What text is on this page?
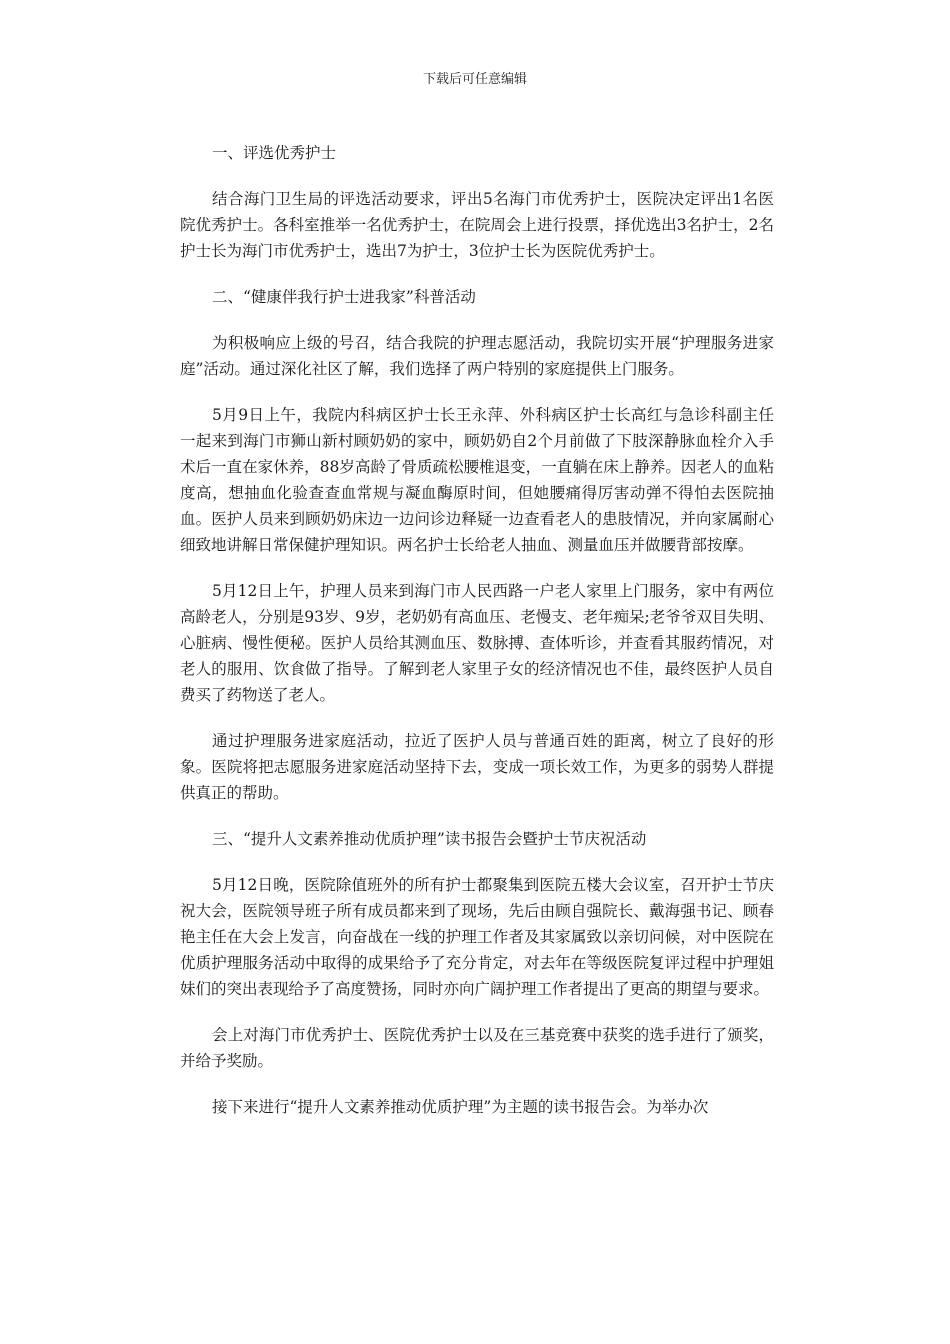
下载后可任意编辑
一、评选优秀护士

结合海门卫生局的评选活动要求，评出5名海门市优秀护士，医院决定评出1名医院优秀护士。各科室推举一名优秀护士，在院周会上进行投票，择优选出3名护士，2名护士长为海门市优秀护士，选出7为护士，3位护士长为医院优秀护士。

二、“健康伴我行护士进我家”科普活动

为积极响应上级的号召，结合我院的护理志愿活动，我院切实开展“护理服务进家庭”活动。通过深化社区了解，我们选择了两户特别的家庭提供上门服务。

5月9日上午，我院内科病区护士长王永萍、外科病区护士长高红与急诊科副主任一起来到海门市狮山新村顾奶奶的家中，顾奶奶自2个月前做了下肢深静脉血栓介入手术后一直在家休养，88岁高龄了骨质疏松腰椎退变，一直躺在床上静养。因老人的血粘度高，想抽血化验查查血常规与凝血酶原时间，但她腰痛得厉害动弹不得怕去医院抽血。医护人员来到顾奶奶床边一边问诊边释疑一边查看老人的患肢情况，并向家属耐心细致地讲解日常保健护理知识。两名护士长给老人抽血、测量血压并做腰背部按摩。

5月12日上午，护理人员来到海门市人民西路一户老人家里上门服务，家中有两位高龄老人，分别是93岁、9岁，老奶奶有高血压、老慢支、老年痴呆;老爷爷双目失明、心脏病、慢性便秘。医护人员给其测血压、数脉搏、查体听诊，并查看其服药情况，对老人的服用、饮食做了指导。了解到老人家里子女的经济情况也不佳，最终医护人员自费买了药物送了老人。

通过护理服务进家庭活动，拉近了医护人员与普通百姓的距离，树立了良好的形象。医院将把志愿服务进家庭活动坚持下去，变成一项长效工作，为更多的弱势人群提供真正的帮助。

三、“提升人文素养推动优质护理”读书报告会暨护士节庆祝活动

5月12日晚，医院除值班外的所有护士都聚集到医院五楼大会议室，召开护士节庆祝大会，医院领导班子所有成员都来到了现场，先后由顾自强院长、戴海强书记、顾春艳主任在大会上发言，向奋战在一线的护理工作者及其家属致以亲切问候，对中医院在优质护理服务活动中取得的成果给予了充分肯定，对去年在等级医院复评过程中护理姐妹们的突出表现给予了高度赞扬，同时亦向广阔护理工作者提出了更高的期望与要求。

会上对海门市优秀护士、医院优秀护士以及在三基竞赛中获奖的选手进行了颁奖，并给予奖励。

接下来进行“提升人文素养推动优质护理”为主题的读书报告会。为举办次
